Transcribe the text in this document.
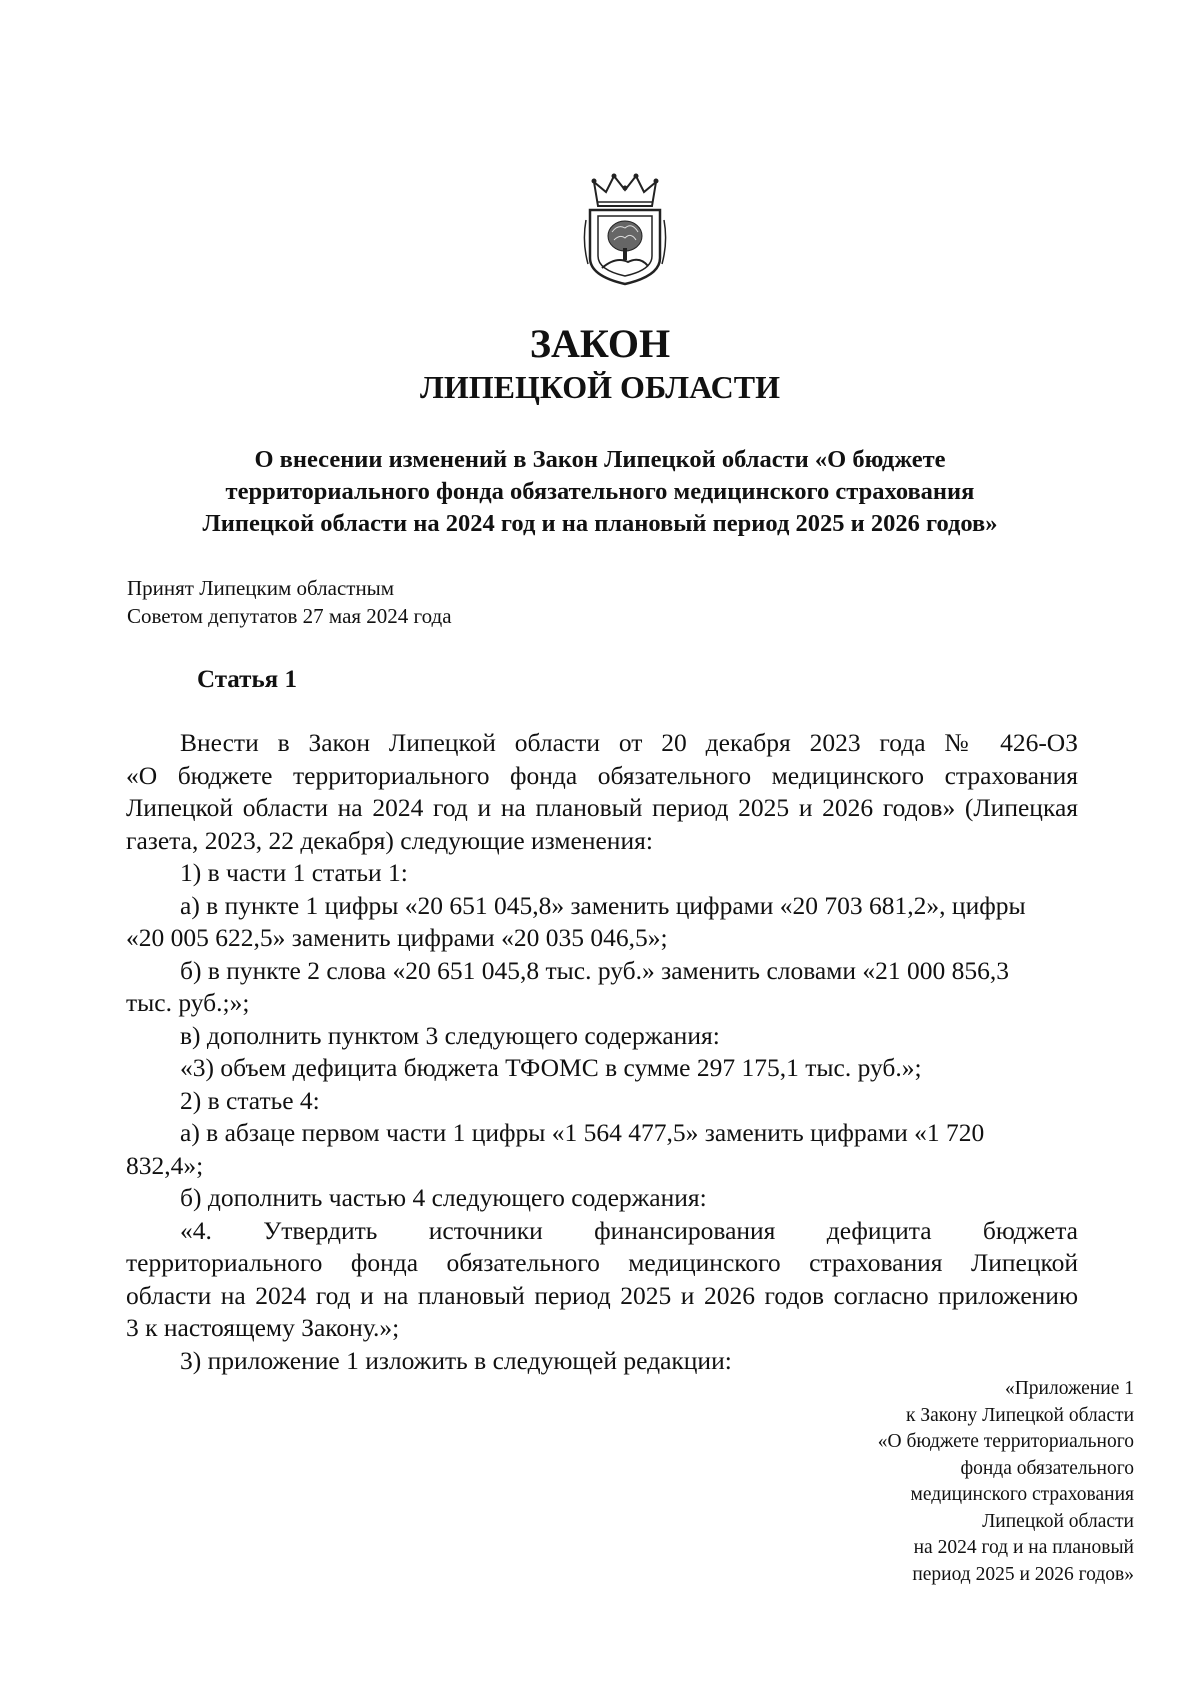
ЗАКОН
ЛИПЕЦКОЙ ОБЛАСТИ
О внесении изменений в Закон Липецкой области «О бюджете
территориального фонда обязательного медицинского страхования
Липецкой области на 2024 год и на плановый период 2025 и 2026 годов»
Принят Липецким областным
Советом депутатов 27 мая 2024 года
Статья 1
Внести в Закон Липецкой области от 20 декабря 2023 года № 426-ОЗ
«О бюджете территориального фонда обязательного медицинского страхования
Липецкой области на 2024 год и на плановый период 2025 и 2026 годов» (Липецкая
газета, 2023, 22 декабря) следующие изменения:
1) в части 1 статьи 1:
а) в пункте 1 цифры «20 651 045,8» заменить цифрами «20 703 681,2», цифры
«20 005 622,5» заменить цифрами «20 035 046,5»;
б) в пункте 2 слова «20 651 045,8 тыс. руб.» заменить словами «21 000 856,3
тыс. руб.;»;
в) дополнить пунктом 3 следующего содержания:
«3) объем дефицита бюджета ТФОМС в сумме 297 175,1 тыс. руб.»;
2) в статье 4:
а) в абзаце первом части 1 цифры «1 564 477,5» заменить цифрами «1 720
832,4»;
б) дополнить частью 4 следующего содержания:
«4. Утвердить источники финансирования дефицита бюджета
территориального фонда обязательного медицинского страхования Липецкой
области на 2024 год и на плановый период 2025 и 2026 годов согласно приложению
3 к настоящему Закону.»;
3) приложение 1 изложить в следующей редакции:
«Приложение 1
к Закону Липецкой области
«О бюджете территориального
фонда обязательного
медицинского страхования
Липецкой области
на 2024 год и на плановый
период 2025 и 2026 годов»
